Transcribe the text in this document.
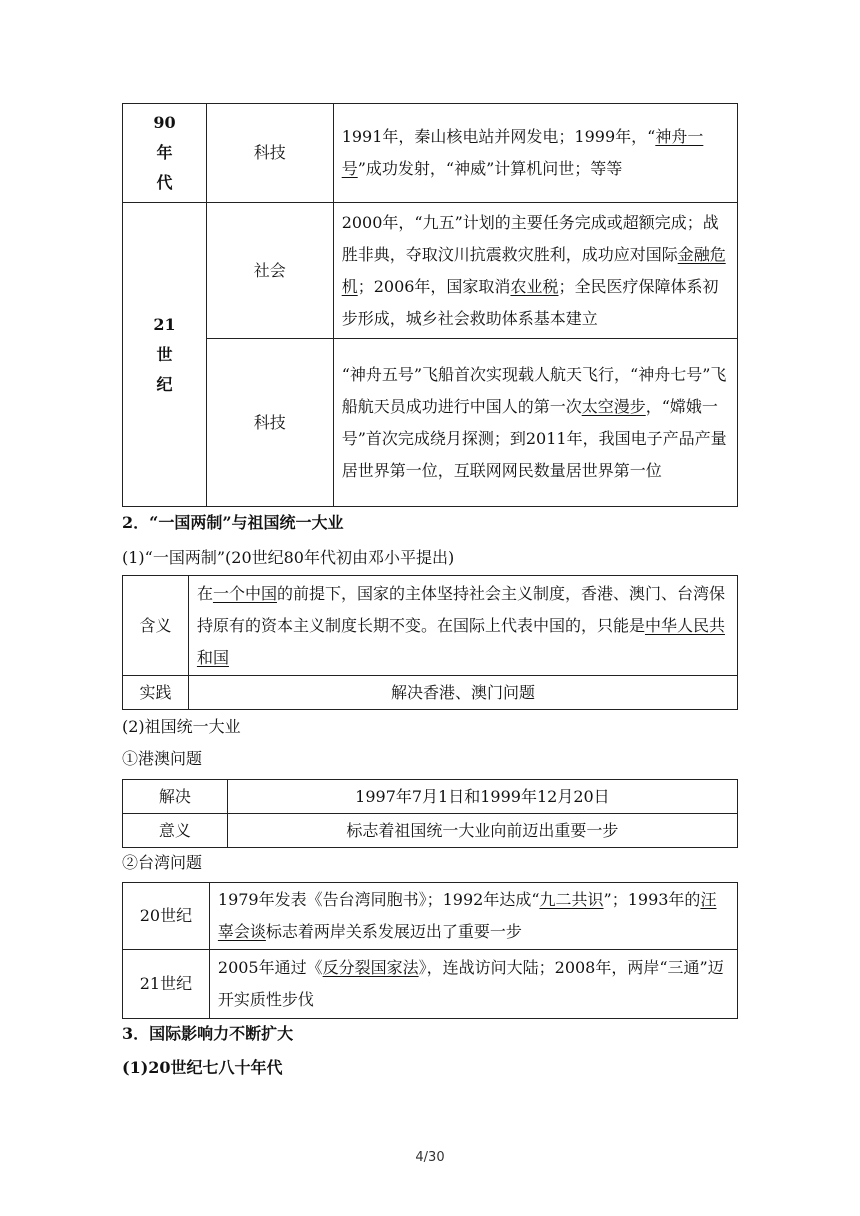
90
年
代	科技	1991年，秦山核电站并网发电；1999年，“神舟一号”成功发射，“神威”计算机问世；等等

21
世
纪	社会	2000年，“九五”计划的主要任务完成或超额完成；战胜非典，夺取汶川抗震救灾胜利，成功应对国际金融危机；2006年，国家取消农业税；全民医疗保障体系初步形成，城乡社会救助体系基本建立
	科技	“神舟五号”飞船首次实现载人航天飞行，“神舟七号”飞船航天员成功进行中国人的第一次太空漫步，“嫦娥一号”首次完成绕月探测；到2011年，我国电子产品产量居世界第一位，互联网网民数量居世界第一位
2．“一国两制”与祖国统一大业
(1)“一国两制”(20世纪80年代初由邓小平提出)
含义	在一个中国的前提下，国家的主体坚持社会主义制度，香港、澳门、台湾保持原有的资本主义制度长期不变。在国际上代表中国的，只能是中华人民共和国
实践	解决香港、澳门问题
(2)祖国统一大业
①港澳问题
解决	1997年7月1日和1999年12月20日
意义	标志着祖国统一大业向前迈出重要一步
②台湾问题
20世纪	1979年发表《告台湾同胞书》；1992年达成“九二共识”；1993年的汪辜会谈标志着两岸关系发展迈出了重要一步
21世纪	2005年通过《反分裂国家法》，连战访问大陆；2008年，两岸“三通”迈开实质性步伐
3．国际影响力不断扩大
(1)20世纪七八十年代
4/30
